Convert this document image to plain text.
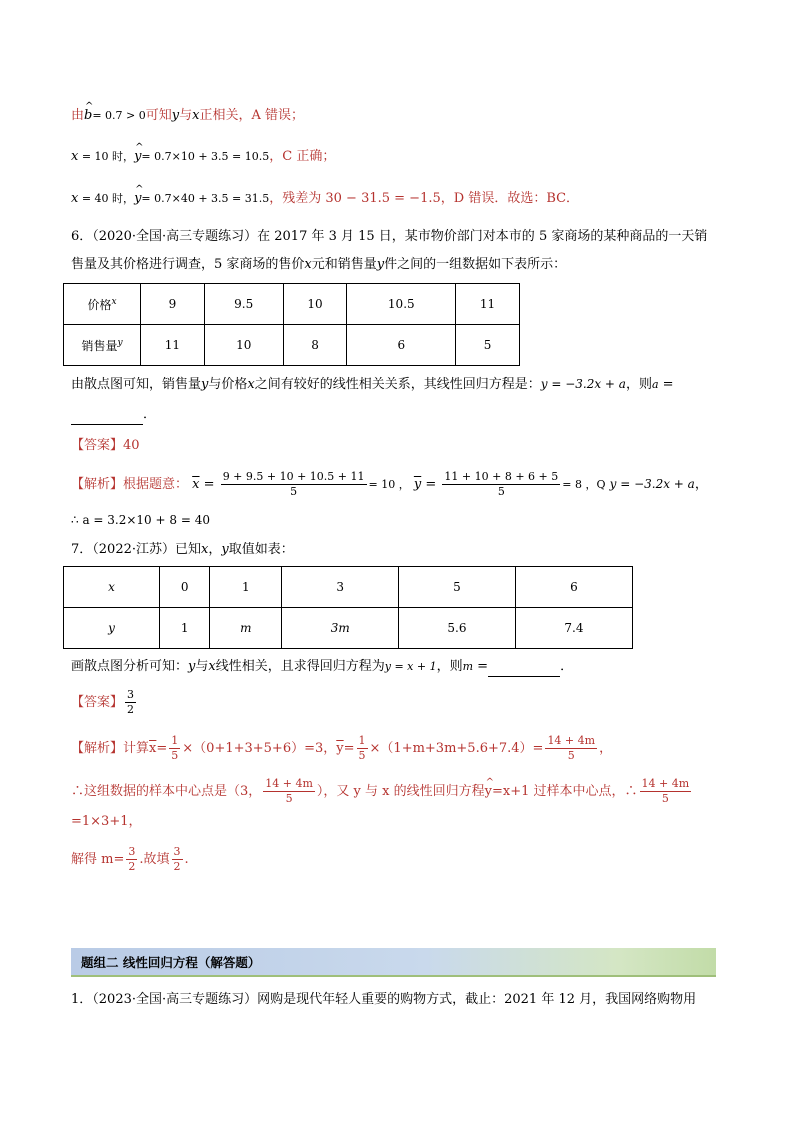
由^ b= 0.7 > 0可知y与x正相关，A 错误；
x = 10 时，^ y= 0.7×10 + 3.5 = 10.5，C 正确；
x = 40 时，^ y= 0.7×40 + 3.5 = 31.5，残差为 30 − 31.5 = −1.5，D 错误．故选：BC．
6．（2020·全国·高三专题练习）在 2017 年 3 月 15 日，某市物价部门对本市的 5 家商场的某种商品的一天销
售量及其价格进行调查，5 家商场的售价x元和销售量y件之间的一组数据如下表所示：
价格$^x$	9	9.5	10	10.5	11
销售量$^y$	11	10	8	6	5
由散点图可知，销售量y与价格x之间有较好的线性相关关系，其线性回归方程是：y = −3.2x + a，则a =
．
【答案】40
【解析】根据题意： $\overline{x} = \frac{9 + 9.5 + 10 + 10.5 + 11}{5} = 10$ ， $\overline{y} = \frac{11 + 10 + 8 + 6 + 5}{5} = 8$ ，Q y = −3.2x + a，
∴ a = 3.2×10 + 8 = 40
7．（2022·江苏）已知x，y取值如表：
x	0	1	3	5	6
y	1	m	3m	5.6	7.4
画散点图分析可知：y与x线性相关，且求得回归方程为y = x + 1，则m =	．
【答案】 $\frac{3}{2}$
【解析】计算$\overline{x}= \frac{1}{5} \times(0+1+3+5+6)=3$，$\overline{y}= \frac{1}{5} \times(1+m+3m+5.6+7.4)= \frac{14 + 4m}{5}$ ，
∴这组数据的样本中心点是（3， $\frac{14 + 4m}{5}$ ），又 y 与 x 的线性回归方程^ y=x+1 过样本中心点，∴ $\frac{14 + 4m}{5}$
=1×3+1，
解得 $m= \frac{3}{2}$ .故填 $\frac{3}{2}$ .
题组二 线性回归方程（解答题）
1．（2023·全国·高三专题练习）网购是现代年轻人重要的购物方式，截止：2021 年 12 月，我国网络购物用
